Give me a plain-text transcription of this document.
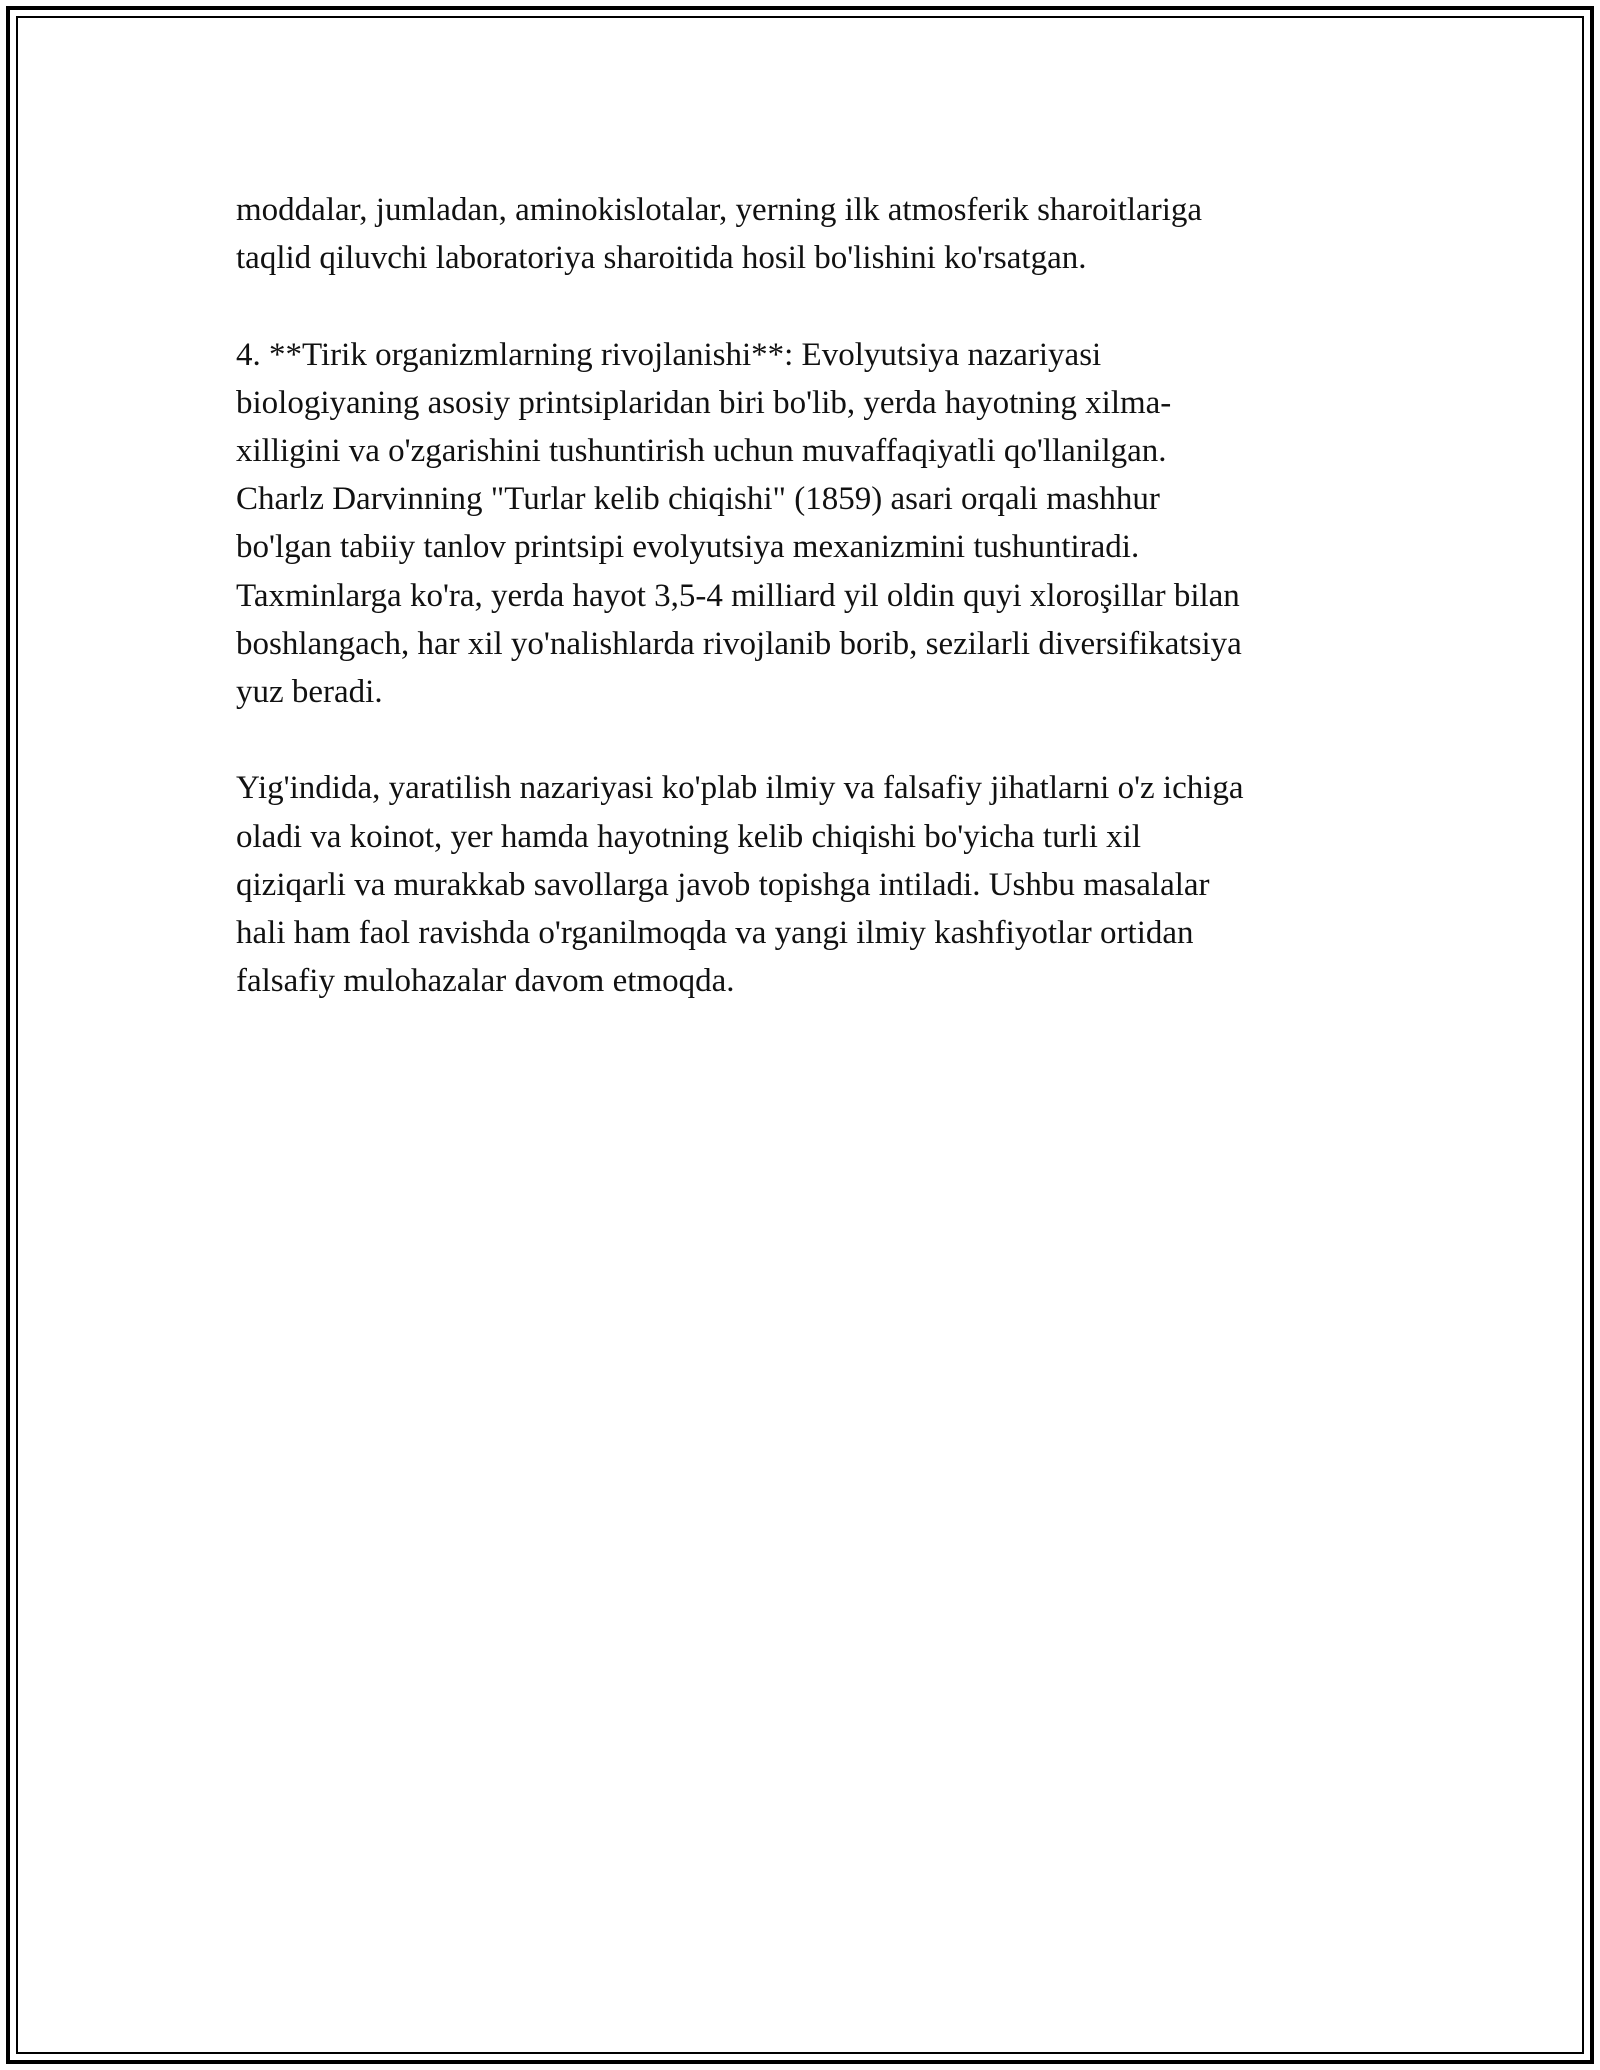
moddalar, jumladan, aminokislotalar, yerning ilk atmosferik sharoitlariga
taqlid qiluvchi laboratoriya sharoitida hosil bo'lishini ko'rsatgan.

4. **Tirik organizmlarning rivojlanishi**: Evolyutsiya nazariyasi
biologiyaning asosiy printsiplaridan biri bo'lib, yerda hayotning xilma-
xilligini va o'zgarishini tushuntirish uchun muvaffaqiyatli qo'llanilgan.
Charlz Darvinning "Turlar kelib chiqishi" (1859) asari orqali mashhur
bo'lgan tabiiy tanlov printsipi evolyutsiya mexanizmini tushuntiradi.
Taxminlarga ko'ra, yerda hayot 3,5-4 milliard yil oldin quyi xloroşillar bilan
boshlangach, har xil yo'nalishlarda rivojlanib borib, sezilarli diversifikatsiya
yuz beradi.

Yig'indida, yaratilish nazariyasi ko'plab ilmiy va falsafiy jihatlarni o'z ichiga
oladi va koinot, yer hamda hayotning kelib chiqishi bo'yicha turli xil
qiziqarli va murakkab savollarga javob topishga intiladi. Ushbu masalalar
hali ham faol ravishda o'rganilmoqda va yangi ilmiy kashfiyotlar ortidan
falsafiy mulohazalar davom etmoqda.
